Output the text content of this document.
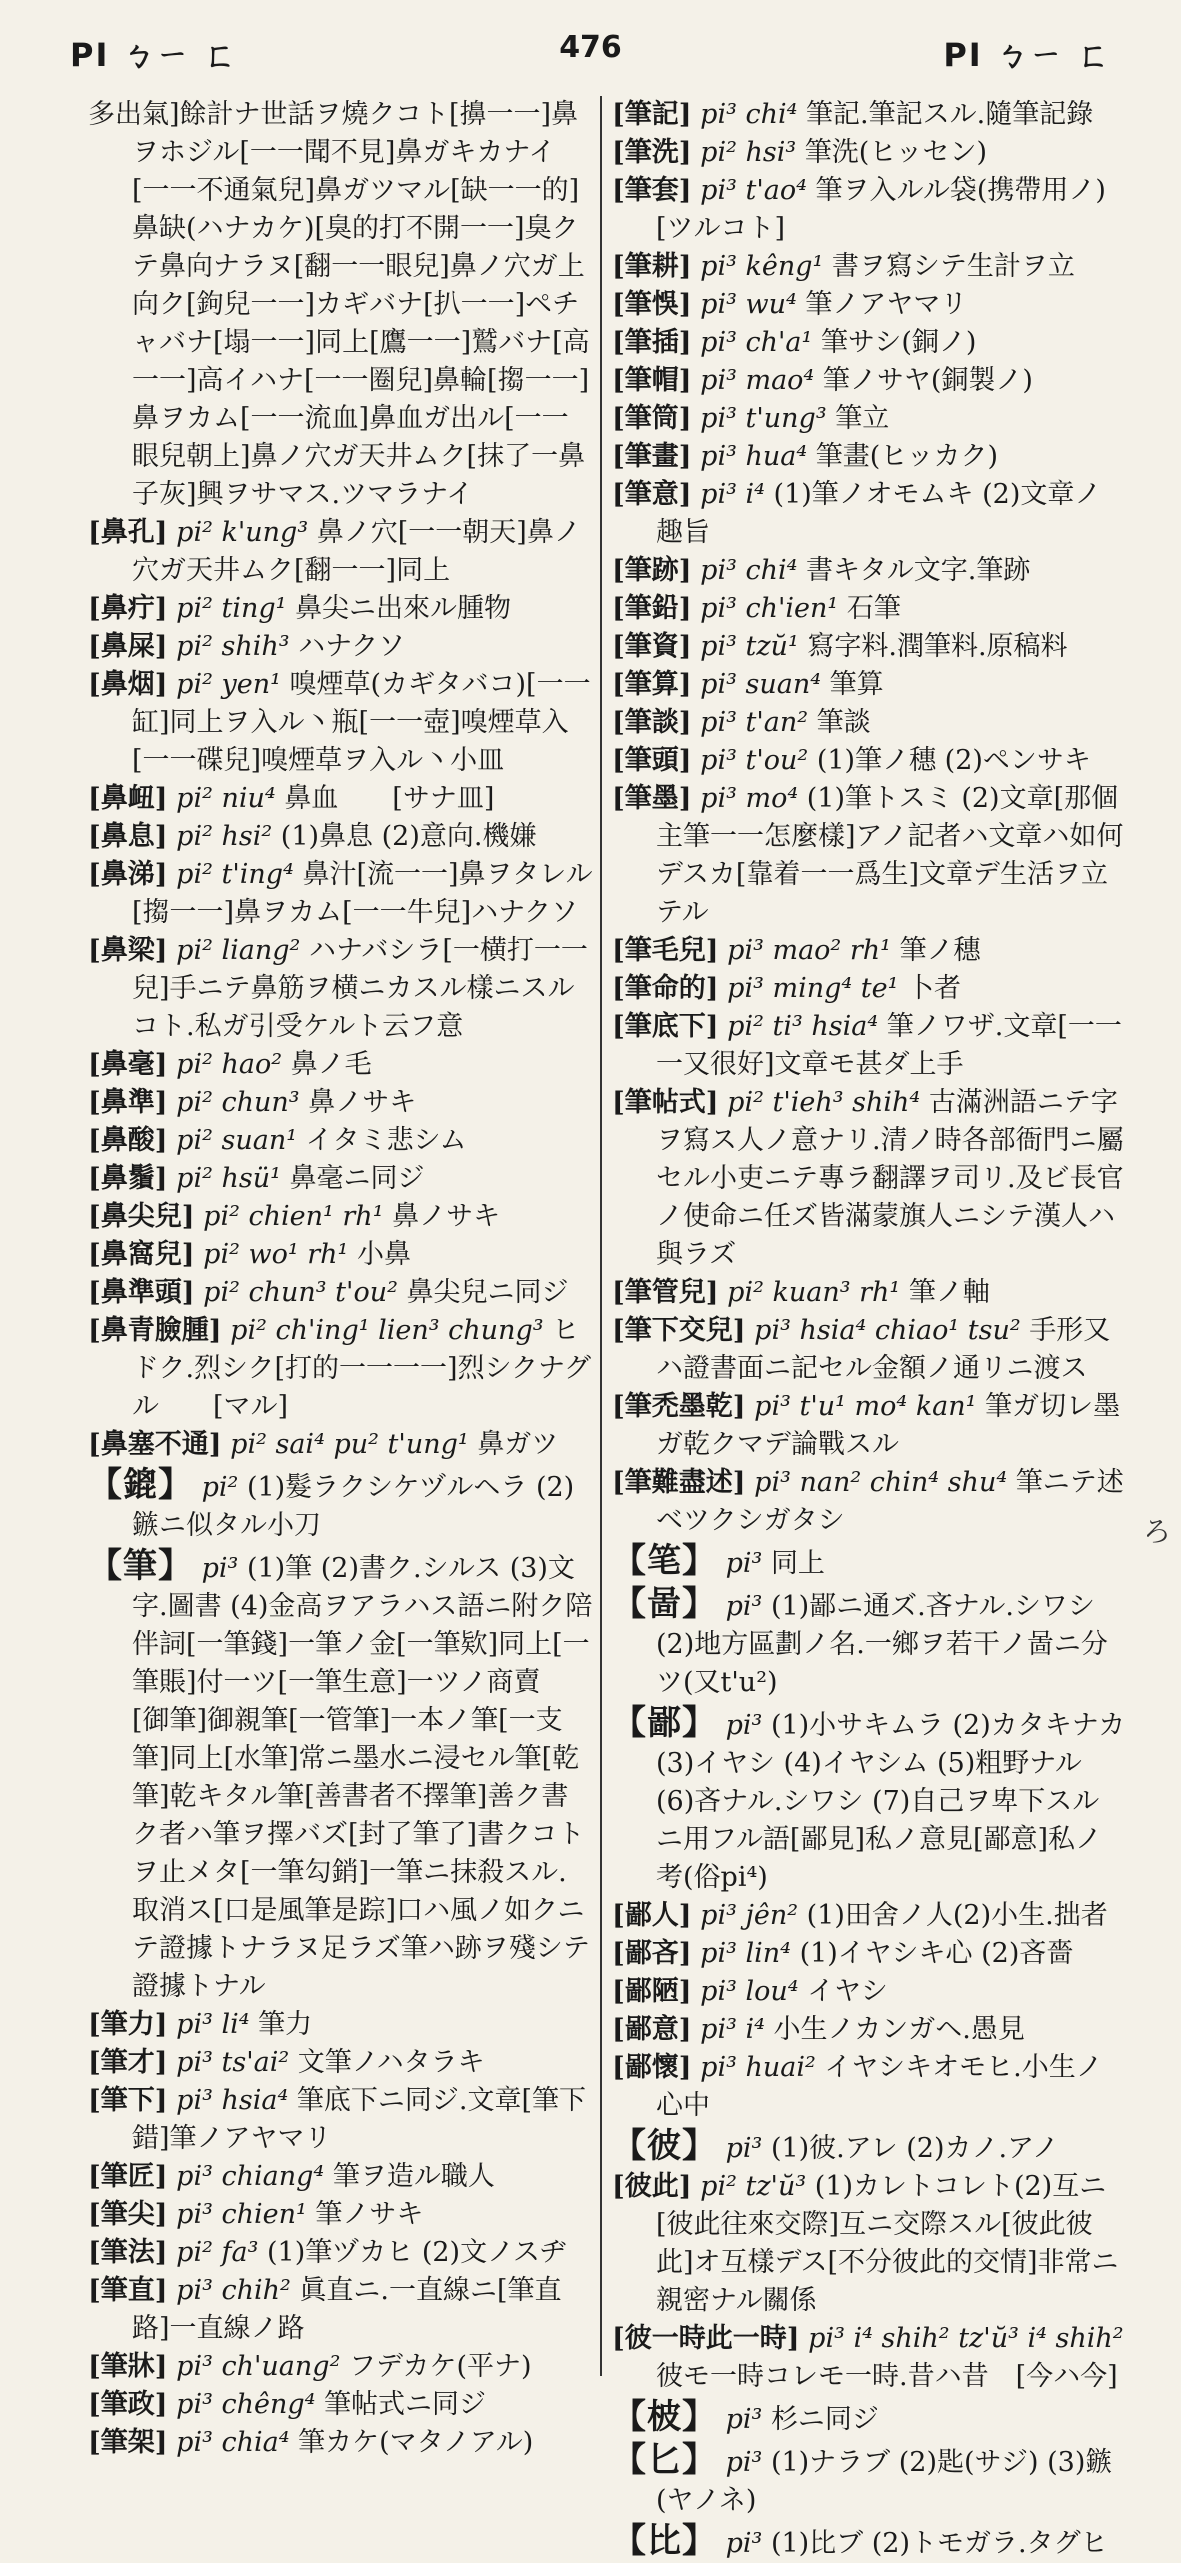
PI ㄅㄧ ㄈ	476	PI ㄅㄧ ㄈ

多出氣]餘計ナ世話ヲ燒クコト[擤一一]鼻ヲホジル[一一聞不見]鼻ガキカナイ[一一不通氣兒]鼻ガツマル[缺一一的]鼻缺(ハナカケ)[臭的打不開一一]臭クテ鼻向ナラヌ[翻一一眼兒]鼻ノ穴ガ上向ク[鉤兒一一]カギバナ[扒一一]ペチャバナ[塌一一]同上[鷹一一]鷲バナ[高一一]高イハナ[一一圈兒]鼻輪[搊一一]鼻ヲカム[一一流血]鼻血ガ出ル[一一眼兒朝上]鼻ノ穴ガ天井ムク[抹了一鼻子灰]興ヲサマス.ツマラナイ

[鼻孔] pi² k'ung³ 鼻ノ穴[一一朝天]鼻ノ穴ガ天井ムク[翻一一]同上

[鼻疔] pi² ting¹ 鼻尖ニ出來ル腫物

[鼻屎] pi² shih³ ハナクソ

[鼻烟] pi² yen¹ 嗅煙草(カギタバコ)[一一缸]同上ヲ入ル丶瓶[一一壺]嗅煙草入[一一碟兒]嗅煙草ヲ入ル丶小皿

[鼻衄] pi² niu⁴ 鼻血　　[サナ皿]

[鼻息] pi² hsi² (1)鼻息 (2)意向.機嫌

[鼻涕] pi² t'ing⁴ 鼻汁[流一一]鼻ヲタレル[搊一一]鼻ヲカム[一一牛兒]ハナクソ

[鼻梁] pi² liang² ハナバシラ[一横打一一兒]手ニテ鼻筋ヲ横ニカスル樣ニスルコト.私ガ引受ケルト云フ意

[鼻毫] pi² hao² 鼻ノ毛

[鼻準] pi² chun³ 鼻ノサキ

[鼻酸] pi² suan¹ イタミ悲シム

[鼻鬚] pi² hsü¹ 鼻毫ニ同ジ

[鼻尖兒] pi² chien¹ rh¹ 鼻ノサキ

[鼻窩兒] pi² wo¹ rh¹ 小鼻

[鼻準頭] pi² chun³ t'ou² 鼻尖兒ニ同ジ

[鼻青臉腫] pi² ch'ing¹ lien³ chung³ ヒドク.烈シク[打的一一一一]烈シクナグル　　[マル]

[鼻塞不通] pi² sai⁴ pu² t'ung¹ 鼻ガツ

【鎞】 pi² (1)髮ラクシケヅルヘラ (2)鏃ニ似タル小刀

【筆】 pi³ (1)筆 (2)書ク.シルス (3)文字.圖書 (4)金高ヲアラハス語ニ附ク陪伴詞[一筆錢]一筆ノ金[一筆欵]同上[一筆賬]付一ツ[一筆生意]一ツノ商賣　[御筆]御親筆[一管筆]一本ノ筆[一支筆]同上[水筆]常ニ墨水ニ浸セル筆[乾筆]乾キタル筆[善書者不擇筆]善ク書ク者ハ筆ヲ擇バズ[封了筆了]書クコトヲ止メタ[一筆勾銷]一筆ニ抹殺スル.取消ス[口是風筆是踪]口ハ風ノ如クニテ證據トナラヌ足ラズ筆ハ跡ヲ殘シテ證據トナル

[筆力] pi³ li⁴ 筆力

[筆才] pi³ ts'ai² 文筆ノハタラキ

[筆下] pi³ hsia⁴ 筆底下ニ同ジ.文章[筆下錯]筆ノアヤマリ

[筆匠] pi³ chiang⁴ 筆ヲ造ル職人

[筆尖] pi³ chien¹ 筆ノサキ

[筆法] pi² fa³ (1)筆ヅカヒ (2)文ノスヂ

[筆直] pi³ chih² 眞直ニ.一直線ニ[筆直路]一直線ノ路

[筆牀] pi³ ch'uang² フデカケ(平ナ)

[筆政] pi³ chêng⁴ 筆帖式ニ同ジ

[筆架] pi³ chia⁴ 筆カケ(マタノアル)

[筆記] pi³ chi⁴ 筆記.筆記スル.隨筆記錄

[筆洗] pi² hsi³ 筆洗(ヒッセン)

[筆套] pi³ t'ao⁴ 筆ヲ入ルル袋(携帶用ノ)　　[ツルコト]

[筆耕] pi³ kêng¹ 書ヲ寫シテ生計ヲ立

[筆悞] pi³ wu⁴ 筆ノアヤマリ

[筆插] pi³ ch'a¹ 筆サシ(銅ノ)

[筆帽] pi³ mao⁴ 筆ノサヤ(銅製ノ)

[筆筒] pi³ t'ung³ 筆立

[筆畫] pi³ hua⁴ 筆畫(ヒッカク)

[筆意] pi³ i⁴ (1)筆ノオモムキ (2)文章ノ趣旨

[筆跡] pi³ chi⁴ 書キタル文字.筆跡

[筆鉛] pi³ ch'ien¹ 石筆

[筆資] pi³ tzŭ¹ 寫字料.潤筆料.原稿料

[筆算] pi³ suan⁴ 筆算

[筆談] pi³ t'an² 筆談

[筆頭] pi³ t'ou² (1)筆ノ穗 (2)ペンサキ

[筆墨] pi³ mo⁴ (1)筆トスミ (2)文章[那個主筆一一怎麼樣]アノ記者ハ文章ハ如何デスカ[靠着一一爲生]文章デ生活ヲ立テル

[筆毛兒] pi³ mao² rh¹ 筆ノ穗

[筆命的] pi³ ming⁴ te¹ 卜者

[筆底下] pi² ti³ hsia⁴ 筆ノワザ.文章[一一一又很好]文章モ甚ダ上手

[筆帖式] pi² t'ieh³ shih⁴ 古滿洲語ニテ字ヲ寫ス人ノ意ナリ.清ノ時各部衙門ニ屬セル小吏ニテ專ラ翻譯ヲ司リ.及ビ長官ノ使命ニ任ズ皆滿蒙旗人ニシテ漢人ハ與ラズ

[筆管兒] pi² kuan³ rh¹ 筆ノ軸

[筆下交兒] pi³ hsia⁴ chiao¹ tsu² 手形又ハ證書面ニ記セル金額ノ通リニ渡ス

[筆禿墨乾] pi³ t'u¹ mo⁴ kan¹ 筆ガ切レ墨ガ乾クマデ論戰スル

[筆難盡述] pi³ nan² chin⁴ shu⁴ 筆ニテ述ベツクシガタシ

【笔】 pi³ 同上

【啚】 pi³ (1)鄙ニ通ズ.吝ナル.シワシ (2)地方區劃ノ名.一鄉ヲ若干ノ啚ニ分ツ(又t'u²)

【鄙】 pi³ (1)小サキムラ (2)カタキナカ (3)イヤシ (4)イヤシム (5)粗野ナル (6)吝ナル.シワシ (7)自己ヲ卑下スルニ用フル語[鄙見]私ノ意見[鄙意]私ノ考(俗pi⁴)

[鄙人] pi³ jên² (1)田舍ノ人(2)小生.拙者

[鄙吝] pi³ lin⁴ (1)イヤシキ心 (2)吝嗇

[鄙陋] pi³ lou⁴ イヤシ

[鄙意] pi³ i⁴ 小生ノカンガヘ.愚見

[鄙懷] pi³ huai² イヤシキオモヒ.小生ノ心中

【彼】 pi³ (1)彼.アレ (2)カノ.アノ

[彼此] pi² tz'ŭ³ (1)カレトコレト(2)互ニ[彼此往來交際]互ニ交際スル[彼此彼此]オ互樣デス[不分彼此的交情]非常ニ親密ナル關係

[彼一時此一時] pi³ i⁴ shih² tz'ŭ³ i⁴ shih² 彼モ一時コレモ一時.昔ハ昔　[今ハ今]

【柀】 pi³ 杉ニ同ジ

【匕】 pi³ (1)ナラブ (2)匙(サジ) (3)鏃(ヤノネ)

【比】 pi³ (1)比ブ (2)トモガラ.タグヒ

ろ
